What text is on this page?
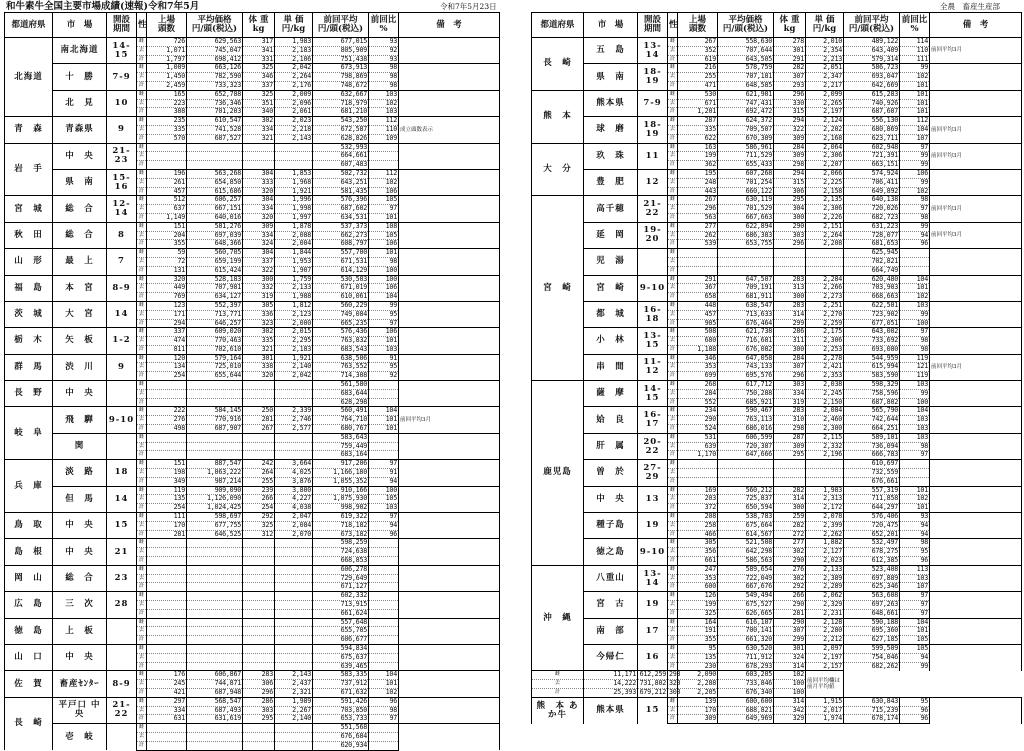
和牛素牛全国主要市場成績(速報)令和7年5月	令和7年5月23日	全農　畜産生産部
都道府県	市　場	開設
期間	性	上場
頭数	平均価格
円/頭(税込)	体 重
kg	単 価
円/kg	前回平均
円/頭(税込)	前回比
%	備　考
北海道	南北海道	14-15	雌	726	629,563	317	1,983	677,015	93	
			去	1,071	745,047	341	2,183	805,909	92	
			計	1,797	698,412	331	2,106	751,438	93	
	十　勝	7-9	雌	1,009	663,126	325	2,042	673,913	98	
			去	1,450	782,590	346	2,264	798,869	98	
			計	2,459	733,323	337	2,176	748,672	98	
	北　見	10	雌	165	652,788	325	2,009	632,667	103	
			去	223	736,346	351	2,096	718,979	102	
			計	388	701,203	340	2,061	681,210	103	
青　森	青森県	9	雌	235	610,547	302	2,023	543,250	112	成立頭数表示
			去	335	741,528	334	2,218	672,587	110	
			計	570	687,527	321	2,143	628,826	109	
岩　手	中　央	21-23	雌					532,993		
			去					664,661		
			計					607,483		
	県　南	15-16	雌	196	563,268	304	1,853	502,732	112	
			去	261	654,850	333	1,968	643,251	102	
			計	457	615,686	320	1,921	581,435	106	
宮　城	総　合	12-14	雌	512	606,257	304	1,996	576,396	105	
			去	637	667,151	334	1,998	687,602	97	
			計	1,149	640,016	320	1,997	634,531	101	
秋　田	総　合	8	雌	151	581,276	309	1,878	537,373	108	
			去	204	697,039	334	2,088	662,273	105	
			計	355	648,366	324	2,004	608,797	106	
山　形	最　上	7	雌	59	560,705	304	1,844	557,700	101	
			去	72	659,199	337	1,953	671,531	98	
			計	131	615,424	322	1,907	614,129	100	
福　島	本　宮	8-9	雌	320	528,183	300	1,759	530,503	100	
			去	449	707,981	332	2,133	671,019	106	
			計	769	634,127	319	1,988	610,061	104	
茨　城	大　宮	14	雌	123	552,397	305	1,812	560,229	99	
			去	171	713,771	336	2,123	749,084	95	
			計	294	646,257	323	2,000	665,235	97	
栃　木	矢　板	1-2	雌	337	609,020	302	2,015	576,436	106	
			去	474	770,463	335	2,295	763,832	101	
			計	811	702,610	321	2,183	683,543	103	
群　馬	渋　川	9	雌	120	579,164	301	1,921	638,506	91	
			去	134	725,010	338	2,140	763,552	95	
			計	254	655,644	320	2,042	714,308	92	
長　野	中　央		雌					561,580		
			去					683,644		
			計					628,298		
岐　阜	飛　騨	9-10	雌	222	584,145	250	2,339	560,491	104	前回平均3月
			去	276	770,916	281	2,746	764,710	101	
			計	498	687,907	267	2,577	680,767	101	
	関		雌					583,643		
			去					759,449		
			計					683,164		
兵　庫	淡　路	18	雌	151	887,547	242	3,664	917,206	97	
			去	198	1,063,222	264	4,025	1,166,180	91	
			計	349	987,214	255	3,876	1,055,352	94	
	但　馬	14	雌	119	909,090	239	3,800	910,166	100	
			去	135	1,126,090	266	4,227	1,075,930	105	
			計	254	1,024,425	254	4,038	998,902	103	
鳥　取	中　央	15	雌	111	598,697	292	2,047	619,322	97	
			去	170	677,755	325	2,084	718,182	94	
			計	281	646,525	312	2,070	673,182	96	
島　根	中　央	21	雌					598,259		
			去					724,638		
			計					668,853		
岡　山	総　合	23	雌					606,278		
			去					729,649		
			計					671,127		
広　島	三　次	28	雌					602,332		
			去					713,915		
			計					661,624		
徳　島	上　板		雌					557,648		
			去					655,705		
			計					606,677		
山　口	中　央		雌					594,834		
			去					675,637		
			計					639,465		
佐　賀	畜産ｾﾝﾀｰ	8-9	雌	176	606,867	283	2,143	583,335	104	
			去	245	744,871	306	2,437	737,912	101	
			計	421	687,948	296	2,321	671,632	102	
長　崎	平戸口 中央	21-22	雌	297	568,547	286	1,989	591,426	96	
			去	334	687,493	303	2,267	703,850	98	
			計	631	631,619	295	2,140	653,733	97	
	壱　岐		雌					551,568		
			去					676,684		
			計					620,934		
都道府県	市　場	開設
期間	性	上場
頭数	平均価格
円/頭(税込)	体 重
kg	単 価
円/kg	前回平均
円/頭(税込)	前回比
%	備　考
長　崎	五　島	13-14	雌	267	558,630	278	2,010	489,122	114	前回平均3月
			去	352	707,644	301	2,354	643,409	110	
			計	619	643,505	291	2,213	579,314	111	
	県　南	18-19	雌	216	578,759	282	2,051	586,723	99	
			去	255	707,181	307	2,347	693,047	102	
			計	471	648,585	293	2,217	642,669	101	
熊　本	熊本県	7-9	雌	530	621,901	296	2,099	615,283	101	
			去	671	747,431	330	2,265	740,926	101	
			計	1,201	692,472	315	2,197	687,607	101	
	球　磨	18-19	雌	287	624,372	294	2,124	556,130	112	前回平均3月
			去	335	709,507	322	2,202	680,869	104	
			計	622	670,309	309	2,168	623,711	107	
大　分	玖　珠	11	雌	163	586,961	284	2,064	602,948	97	前回平均3月
			去	199	711,529	309	2,306	721,391	99	
			計	362	655,433	298	2,207	663,151	99	
	豊　肥	12	雌	195	607,268	294	2,066	574,924	106	
			去	248	701,254	315	2,225	706,411	99	
			計	443	660,122	306	2,158	649,892	102	
宮　崎	高千穂	21-22	雌	267	630,119	295	2,135	640,138	98	前回平均3月
			去	296	701,529	304	2,306	720,026	97	
			計	563	667,663	300	2,226	682,723	98	
	延　岡	19-20	雌	277	622,894	290	2,151	631,223	99	前回平均3月
			去	262	686,383	303	2,264	728,077	94	
			計	539	653,755	296	2,208	681,653	96	
	児　湯		雌					625,945		
			去					702,821		
			計					664,749		
	宮　崎	9-10	雌	291	647,507	283	2,284	620,480	104	
			去	367	709,191	313	2,266	703,903	101	
			計	658	681,911	300	2,273	668,663	102	
	都　城	16-18	雌	448	638,547	283	2,251	622,501	103	
			去	457	713,633	314	2,270	723,902	99	
			計	905	676,464	299	2,259	677,051	100	
	小　林	13-15	雌	508	621,738	286	2,175	643,002	97	
			去	680	716,681	311	2,306	733,692	98	
			計	1,188	676,082	300	2,253	693,080	98	
	串　間	11-12	雌	346	647,058	284	2,278	544,959	119	前回平均3月
			去	353	743,133	307	2,421	615,994	121	
			計	699	695,576	296	2,353	583,590	119	
鹿児島	薩　摩	14-15	雌	268	617,712	303	2,038	598,329	103	
			去	284	750,288	334	2,245	758,596	99	
			計	552	685,921	319	2,150	687,802	100	
	姶　良	16-17	雌	234	590,467	283	2,084	565,790	104	
			去	290	763,113	310	2,460	742,644	103	
			計	524	686,016	298	2,300	664,251	103	
	肝　属	20-22	雌	531	606,599	287	2,115	589,101	103	
			去	639	720,387	309	2,332	736,094	98	
			計	1,170	647,666	295	2,196	666,783	97	
	曽　於	27-29	雌					610,697		
			去					732,559		
			計					676,661		
	中　央	13	雌	169	560,212	282	1,983	557,319	101	
			去	203	725,837	314	2,313	711,858	102	
			計	372	650,594	300	2,172	644,297	101	
	種子島	19	雌	208	538,783	259	2,078	576,406	93	
			去	258	675,664	282	2,399	720,475	94	
			計	466	614,567	272	2,262	652,201	94	
	徳之島	9-10	雌	305	521,508	277	1,882	532,497	98	
			去	356	642,298	302	2,127	678,275	95	
			計	661	586,563	290	2,023	612,385	96	
沖　縄	八重山	13-14	雌	247	589,654	276	2,133	523,408	113	
			去	353	722,049	302	2,389	697,889	103	
			計	600	667,676	292	2,289	625,346	107	
	宮　古	19	雌	126	549,494	266	2,062	563,608	97	
			去	199	675,527	290	2,329	697,263	97	
			計	325	626,665	281	2,231	648,661	97	
	南　部	17	雌	164	616,107	290	2,128	590,188	104	
			去	191	700,141	307	2,280	695,360	101	
			計	355	661,320	299	2,212	627,185	105	
	今帰仁	16	雌	95	630,520	301	2,097	599,509	105	
			去	135	711,912	324	2,197	754,046	94	
			計	230	678,293	314	2,157	682,262	99	
雌	11,171	612,259	293	2,090	603,205	102	前回平均欄は前月平均値			
去	14,222	731,802	320	2,288	733,846	100				
計	25,393	679,212	308	2,205	676,340	100				
熊　本 あか牛	熊本県	15	雌	139	600,600	314	1,915	630,843	95	
			去	170	688,821	342	2,017	715,239	96	
			計	309	649,969	329	1,974	678,174	96	
